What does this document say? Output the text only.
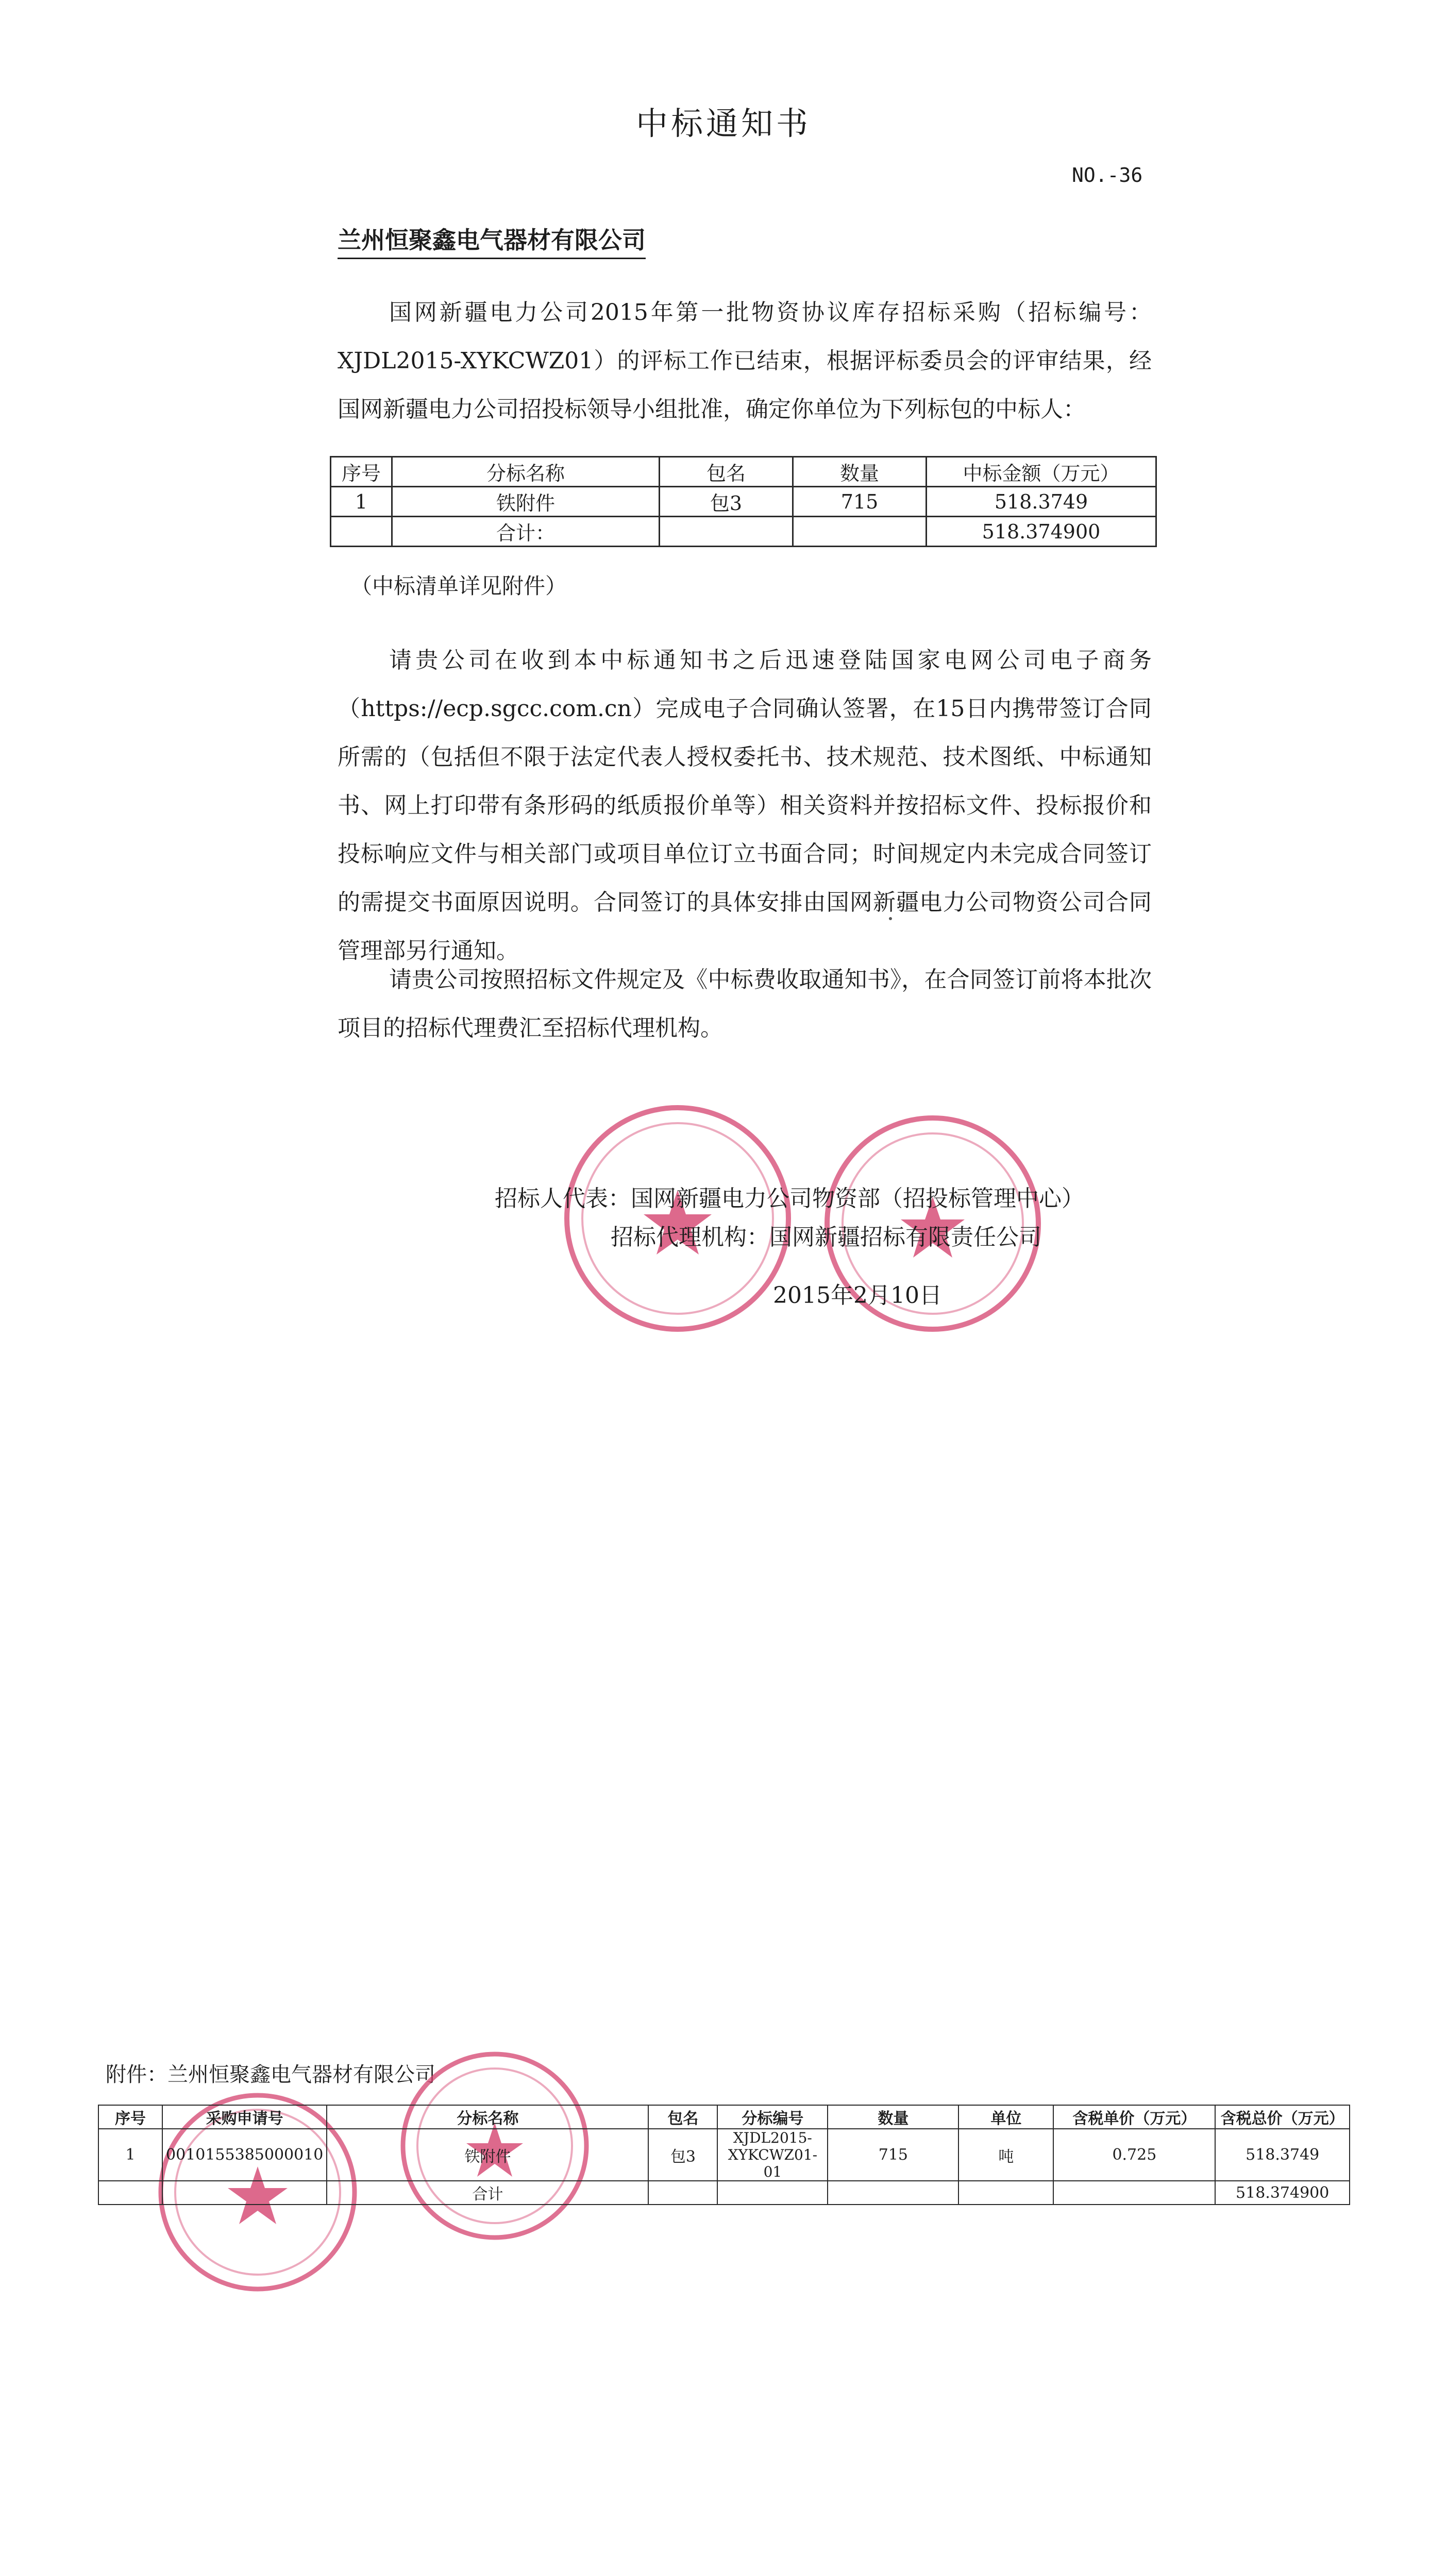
中标通知书
NO.-36
兰州恒聚鑫电气器材有限公司

国网新疆电力公司2015年第一批物资协议库存招标采购（招标编号：XJDL2015-XYKCWZ01）的评标工作已结束，根据评标委员会的评审结果，经国网新疆电力公司招投标领导小组批准，确定你单位为下列标包的中标人：

序号	分标名称	包名	数量	中标金额（万元）
1	铁附件	包3	715	518.3749
	合计：			518.374900
（中标清单详见附件）

请贵公司在收到本中标通知书之后迅速登陆国家电网公司电子商务（https://ecp.sgcc.com.cn）完成电子合同确认签署，在15日内携带签订合同所需的（包括但不限于法定代表人授权委托书、技术规范、技术图纸、中标通知书、网上打印带有条形码的纸质报价单等）相关资料并按招标文件、投标报价和投标响应文件与相关部门或项目单位订立书面合同；时间规定内未完成合同签订的需提交书面原因说明。合同签订的具体安排由国网新疆电力公司物资公司合同管理部另行通知。

请贵公司按照招标文件规定及《中标费收取通知书》，在合同签订前将本批次项目的招标代理费汇至招标代理机构。

招标人代表：国网新疆电力公司物资部（招投标管理中心）
招标代理机构：国网新疆招标有限责任公司
2015年2月10日
附件：兰州恒聚鑫电气器材有限公司
序号	采购申请号	分标名称	包名	分标编号	数量	单位	含税单价（万元）	含税总价（万元）
1	0010155385000010	铁附件	包3	XJDL2015-XYKCWZ01-01	715	吨	0.725	518.3749
		合计						518.374900
